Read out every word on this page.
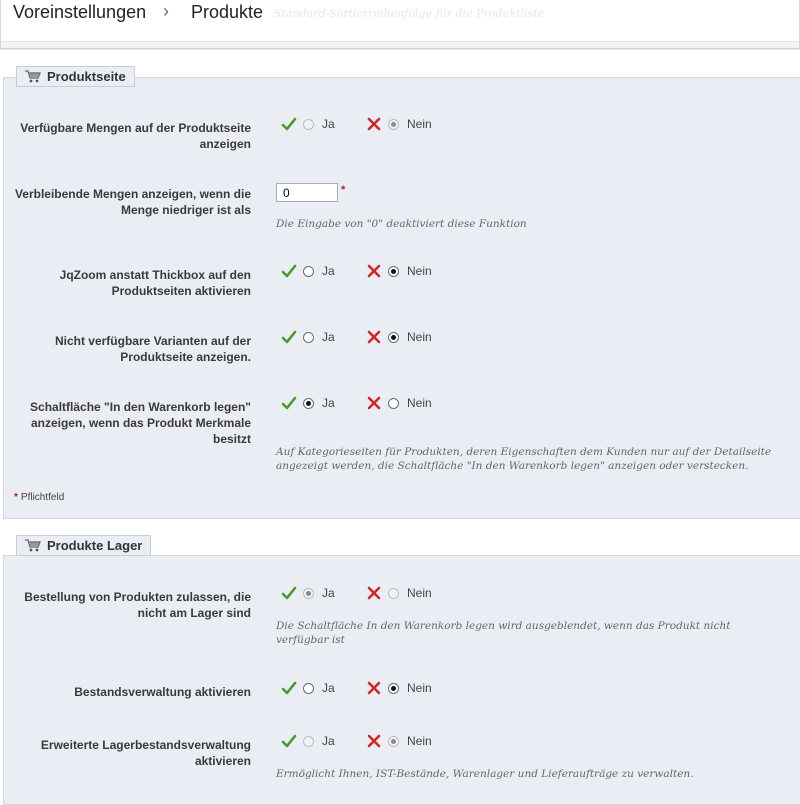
Voreinstellungen › Produkte Standard-Sortierreihenfolge für die Produktliste
Produktseite
Verfügbare Mengen auf der Produktseite anzeigen
Ja	Nein
Verbleibende Mengen anzeigen, wenn die Menge niedriger ist als
0
*
Die Eingabe von "0" deaktiviert diese Funktion
JqZoom anstatt Thickbox auf den Produktseiten aktivieren
Ja	Nein
Nicht verfügbare Varianten auf der Produktseite anzeigen.
Ja	Nein
Schaltfläche "In den Warenkorb legen" anzeigen, wenn das Produkt Merkmale besitzt
Ja	Nein
Auf Kategorieseiten für Produkten, deren Eigenschaften dem Kunden nur auf der Detailseite angezeigt werden, die Schaltfläche "In den Warenkorb legen" anzeigen oder verstecken.
* Pflichtfeld
Produkte Lager
Bestellung von Produkten zulassen, die nicht am Lager sind
Ja	Nein
Die Schaltfläche In den Warenkorb legen wird ausgeblendet, wenn das Produkt nicht verfügbar ist
Bestandsverwaltung aktivieren	Ja	Nein
Erweiterte Lagerbestandsverwaltung aktivieren
Ja	Nein
Ermöglicht Ihnen, IST-Bestände, Warenlager und Lieferaufträge zu verwalten.
